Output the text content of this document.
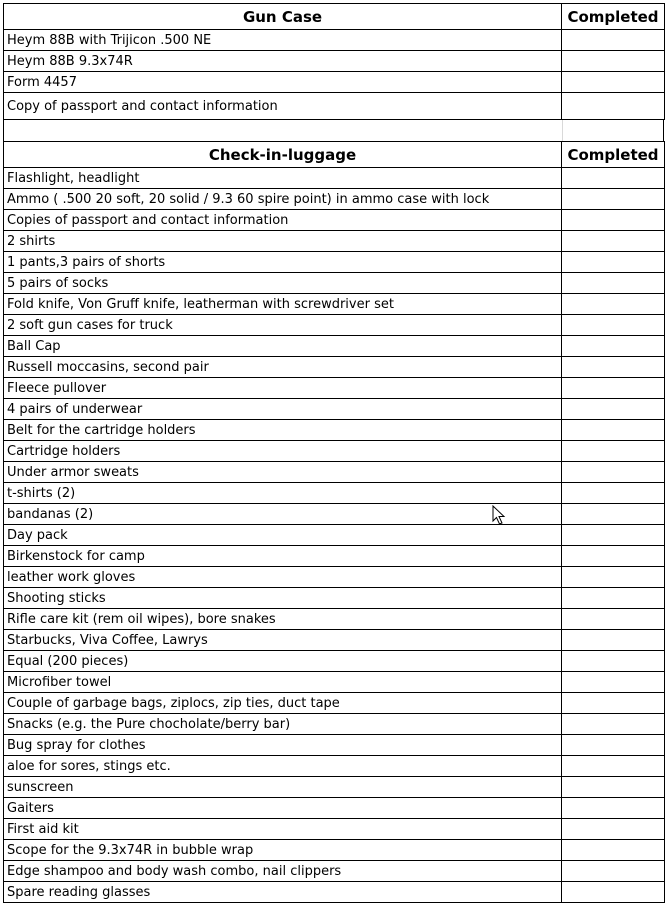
Gun Case	Completed
Heym 88B with Trijicon .500 NE	
Heym 88B 9.3x74R	
Form 4457	
Copy of passport and contact information	
Check-in-luggage	Completed
Flashlight, headlight	
Ammo ( .500 20 soft, 20 solid / 9.3 60 spire point) in ammo case with lock	
Copies of passport and contact information	
2 shirts	
1 pants,3 pairs of shorts	
5 pairs of socks	
Fold knife, Von Gruff knife, leatherman with screwdriver set	
2 soft gun cases for truck	
Ball Cap	
Russell moccasins, second pair	
Fleece pullover	
4 pairs of underwear	
Belt for the cartridge holders	
Cartridge holders	
Under armor sweats	
t-shirts (2)	
bandanas (2)	
Day pack	
Birkenstock for camp	
leather work gloves	
Shooting sticks	
Rifle care kit (rem oil wipes), bore snakes	
Starbucks, Viva Coffee, Lawrys	
Equal (200 pieces)	
Microfiber towel	
Couple of garbage bags, ziplocs, zip ties, duct tape	
Snacks (e.g. the Pure chocholate/berry bar)	
Bug spray for clothes	
aloe for sores, stings etc.	
sunscreen	
Gaiters	
First aid kit	
Scope for the 9.3x74R in bubble wrap	
Edge shampoo and body wash combo, nail clippers	
Spare reading glasses	
